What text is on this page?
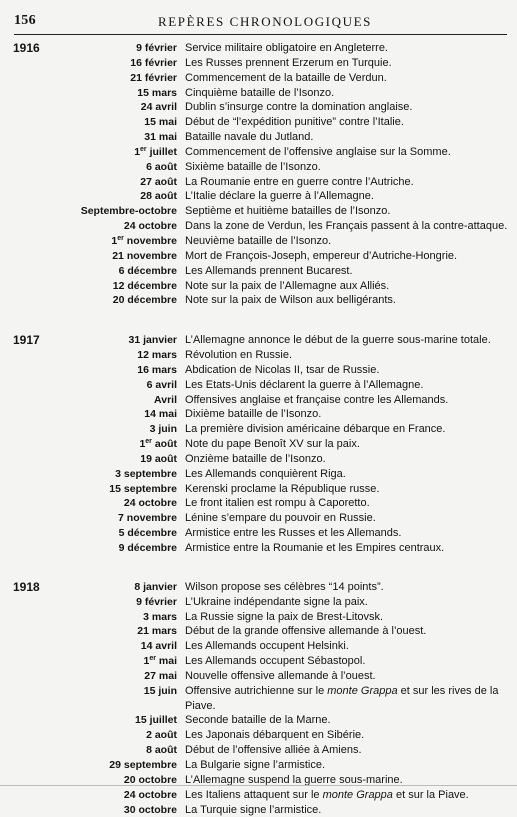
156	REPÈRES CHRONOLOGIQUES
1916	9 février Service militaire obligatoire en Angleterre.
16 février Les Russes prennent Erzerum en Turquie.
21 février Commencement de la bataille de Verdun.
15 mars Cinquième bataille de l’Isonzo.
24 avril Dublin s’insurge contre la domination anglaise.
15 mai Début de “l’expédition punitive” contre l’Italie.
31 mai Bataille navale du Jutland.
1er juillet Commencement de l’offensive anglaise sur la Somme.
6 août Sixième bataille de l’Isonzo.
27 août La Roumanie entre en guerre contre l’Autriche.
28 août L’Italie déclare la guerre à l’Allemagne.
Septembre-octobre Septième et huitième batailles de l’Isonzo.
24 octobre Dans la zone de Verdun, les Français passent à la contre-attaque.
1er novembre Neuvième bataille de l’Isonzo.
21 novembre Mort de François-Joseph, empereur d’Autriche-Hongrie.
6 décembre Les Allemands prennent Bucarest.
12 décembre Note sur la paix de l’Allemagne aux Alliés.
20 décembre Note sur la paix de Wilson aux belligérants.
1917	31 janvier L’Allemagne annonce le début de la guerre sous-marine totale.
12 mars Révolution en Russie.
16 mars Abdication de Nicolas II, tsar de Russie.
6 avril Les Etats-Unis déclarent la guerre à l’Allemagne.
Avril Offensives anglaise et française contre les Allemands.
14 mai Dixième bataille de l’Isonzo.
3 juin La première division américaine débarque en France.
1er août Note du pape Benoît XV sur la paix.
19 août Onzième bataille de l’Isonzo.
3 septembre Les Allemands conquièrent Riga.
15 septembre Kerenski proclame la République russe.
24 octobre Le front italien est rompu à Caporetto.
7 novembre Lénine s’empare du pouvoir en Russie.
5 décembre Armistice entre les Russes et les Allemands.
9 décembre Armistice entre la Roumanie et les Empires centraux.
1918	8 janvier Wilson propose ses célèbres “14 points”.
9 février L’Ukraine indépendante signe la paix.
3 mars La Russie signe la paix de Brest-Litovsk.
21 mars Début de la grande offensive allemande à l’ouest.
14 avril Les Allemands occupent Helsinki.
1er mai Les Allemands occupent Sébastopol.
27 mai Nouvelle offensive allemande à l’ouest.
15 juin Offensive autrichienne sur le monte Grappa et sur les rives de la
Piave.
15 juillet Seconde bataille de la Marne.
2 août Les Japonais débarquent en Sibérie.
8 août Début de l’offensive alliée à Amiens.
29 septembre La Bulgarie signe l’armistice.
20 octobre L’Allemagne suspend la guerre sous-marine.
24 octobre Les Italiens attaquent sur le monte Grappa et sur la Piave.
30 octobre La Turquie signe l’armistice.
